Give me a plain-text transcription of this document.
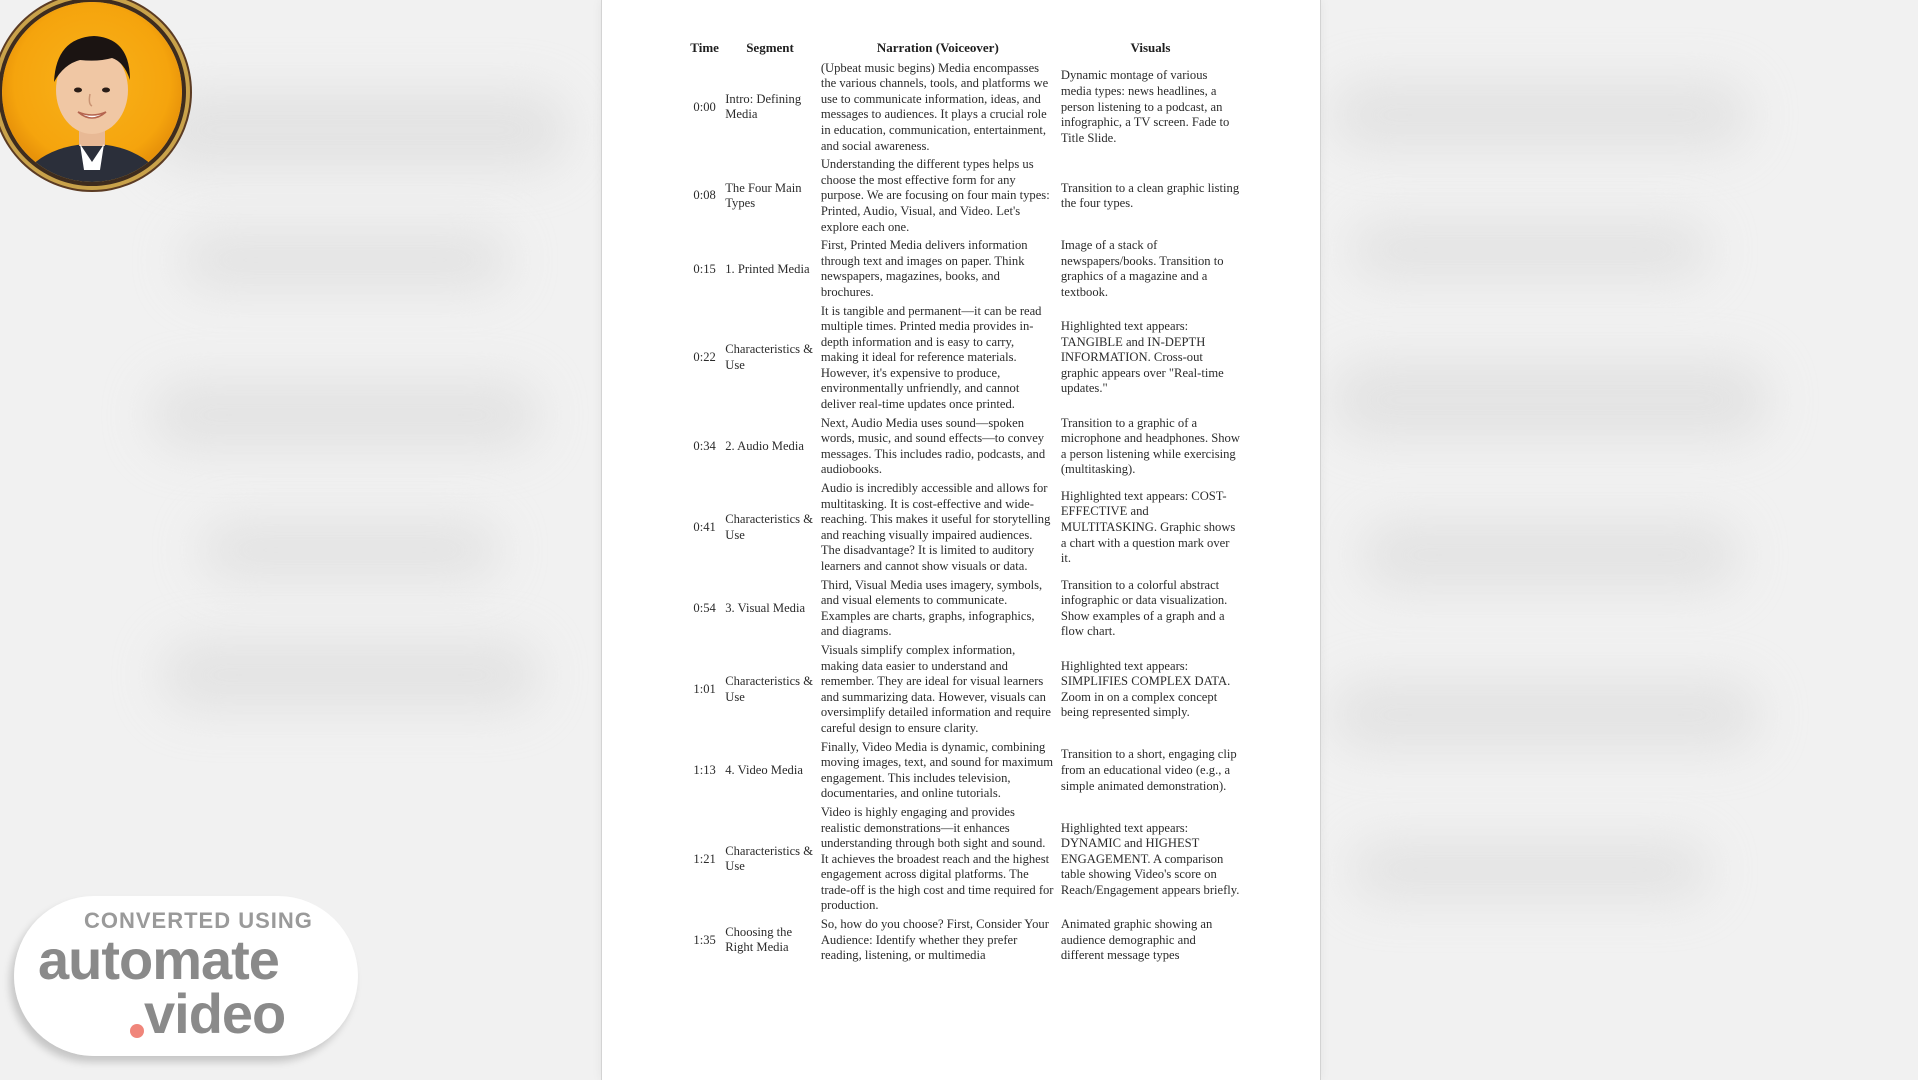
Time	Segment	Narration (Voiceover)	Visuals
0:00	Intro: Defining Media	(Upbeat music begins) Media encompasses the various channels, tools, and platforms we use to communicate information, ideas, and messages to audiences. It plays a crucial role in education, communication, entertainment, and social awareness.	Dynamic montage of various media types: news headlines, a person listening to a podcast, an infographic, a TV screen. Fade to Title Slide.
0:08	The Four Main Types	Understanding the different types helps us choose the most effective form for any purpose. We are focusing on four main types: Printed, Audio, Visual, and Video. Let's explore each one.	Transition to a clean graphic listing the four types.
0:15	1. Printed Media	First, Printed Media delivers information through text and images on paper. Think newspapers, magazines, books, and brochures.	Image of a stack of newspapers/books. Transition to graphics of a magazine and a textbook.
0:22	Characteristics & Use	It is tangible and permanent—it can be read multiple times. Printed media provides in-depth information and is easy to carry, making it ideal for reference materials. However, it's expensive to produce, environmentally unfriendly, and cannot deliver real-time updates once printed.	Highlighted text appears: TANGIBLE and IN-DEPTH INFORMATION. Cross-out graphic appears over "Real-time updates."
0:34	2. Audio Media	Next, Audio Media uses sound—spoken words, music, and sound effects—to convey messages. This includes radio, podcasts, and audiobooks.	Transition to a graphic of a microphone and headphones. Show a person listening while exercising (multitasking).
0:41	Characteristics & Use	Audio is incredibly accessible and allows for multitasking. It is cost-effective and wide-reaching. This makes it useful for storytelling and reaching visually impaired audiences. The disadvantage? It is limited to auditory learners and cannot show visuals or data.	Highlighted text appears: COST-EFFECTIVE and MULTITASKING. Graphic shows a chart with a question mark over it.
0:54	3. Visual Media	Third, Visual Media uses imagery, symbols, and visual elements to communicate. Examples are charts, graphs, infographics, and diagrams.	Transition to a colorful abstract infographic or data visualization. Show examples of a graph and a flow chart.
1:01	Characteristics & Use	Visuals simplify complex information, making data easier to understand and remember. They are ideal for visual learners and summarizing data. However, visuals can oversimplify detailed information and require careful design to ensure clarity.	Highlighted text appears: SIMPLIFIES COMPLEX DATA. Zoom in on a complex concept being represented simply.
1:13	4. Video Media	Finally, Video Media is dynamic, combining moving images, text, and sound for maximum engagement. This includes television, documentaries, and online tutorials.	Transition to a short, engaging clip from an educational video (e.g., a simple animated demonstration).
1:21	Characteristics & Use	Video is highly engaging and provides realistic demonstrations—it enhances understanding through both sight and sound. It achieves the broadest reach and the highest engagement across digital platforms. The trade-off is the high cost and time required for production.	Highlighted text appears: DYNAMIC and HIGHEST ENGAGEMENT. A comparison table showing Video's score on Reach/Engagement appears briefly.
1:35	Choosing the Right Media	So, how do you choose? First, Consider Your Audience: Identify whether they prefer reading, listening, or multimedia	Animated graphic showing an audience demographic and different message types
CONVERTED USING
automate
video
